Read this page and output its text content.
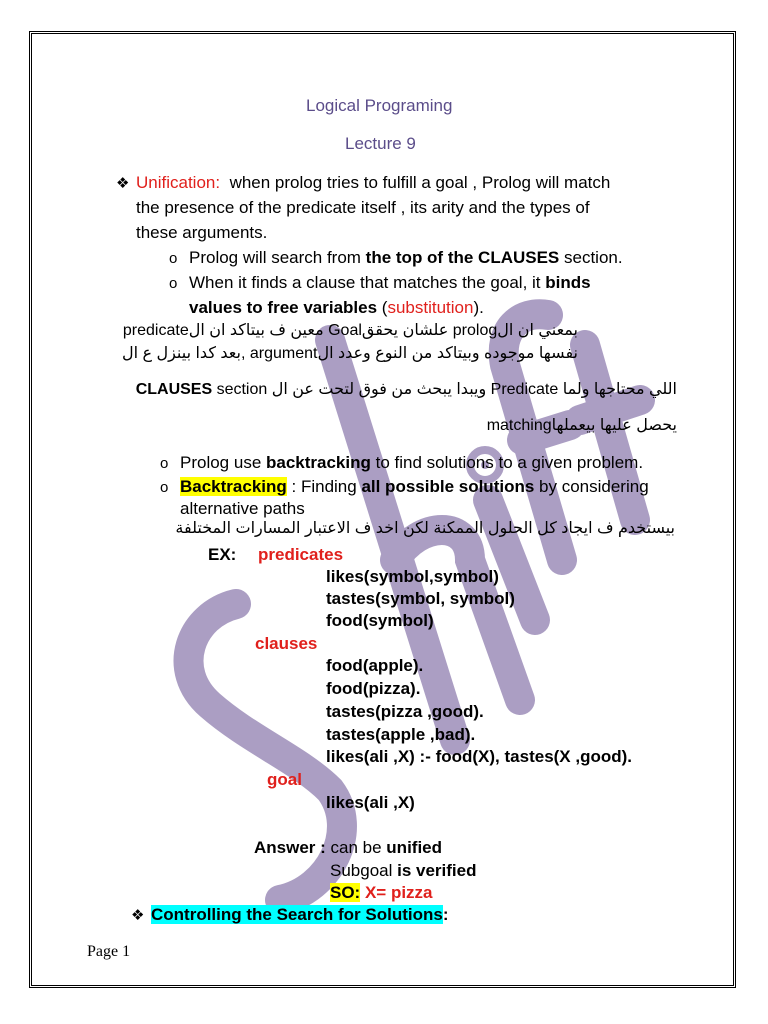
Logical Programing
Lecture 9
❖ Unification: when prolog tries to fulfill a goal , Prolog will match
the presence of the predicate itself , its arity and the types of
these arguments.
o Prolog will search from the top of the CLAUSES section.
o When it finds a clause that matches the goal, it binds
values to free variables (substitution).
بمعني ان الprolog علشان يحققGoal معين ف بيتاكد ان الpredicate
نفسها موجوده وبيتاكد من النوع وعدد الargument ,بعد كدا بينزل ع ال
CLAUSES section ويبدا يبحث من فوق لتحت عن ال Predicate اللي محتاجها ولما
يحصل عليها بيعملهاmatching
o Prolog use backtracking to find solutions to a given problem.
o Backtracking : Finding all possible solutions by considering
alternative paths
بيستخدم ف ايجاد كل الحلول الممكنة لكن اخد ف الاعتبار المسارات المختلفة
EX: predicates
likes(symbol,symbol)
tastes(symbol, symbol)
food(symbol)
clauses
food(apple).
food(pizza).
tastes(pizza ,good).
tastes(apple ,bad).
likes(ali ,X) :- food(X), tastes(X ,good).
goal
likes(ali ,X)
Answer : can be unified
Subgoal is verified
SO: X= pizza
❖ Controlling the Search for Solutions:
Page 1
